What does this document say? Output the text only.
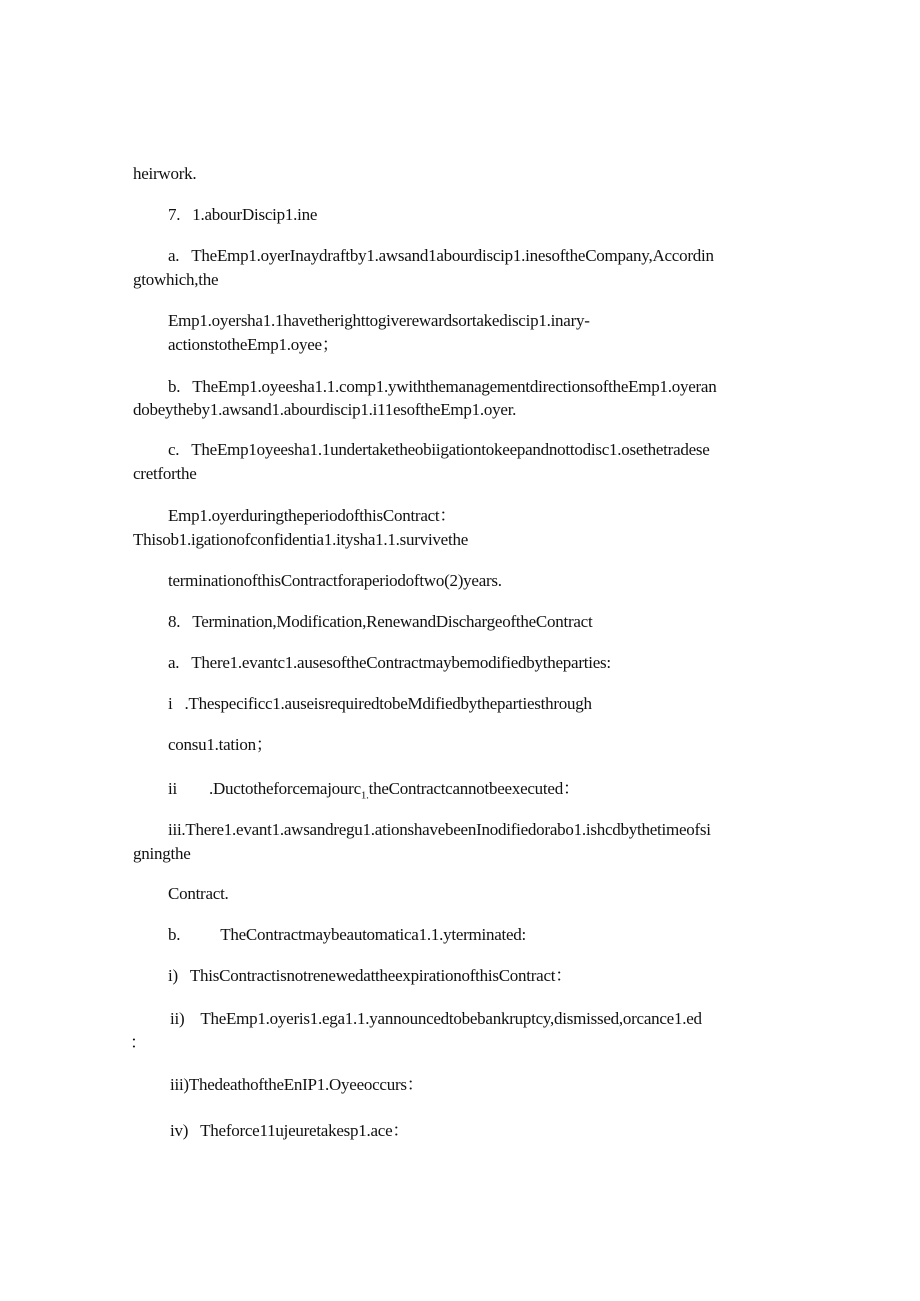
heirwork.

7.   1.abourDiscip1.ine

a.   TheEmp1.oyerInaydraftby1.awsand1abourdiscip1.inesoftheCompany,Accordin

gtowhich,the

Emp1.oyersha1.1havetherighttogiverewardsortakediscip1.inary-

actionstotheEmp1.oyee；

b.   TheEmp1.oyeesha1.1.comp1.ywiththemanagementdirectionsoftheEmp1.oyeran

dobeytheby1.awsand1.abourdiscip1.i11esoftheEmp1.oyer.

c.   TheEmp1oyeesha1.1undertaketheobiigationtokeepandnottodisc1.osethetradese

cretforthe

Emp1.oyerduringtheperiodofthisContract：

Thisob1.igationofconfidentia1.itysha1.1.survivethe

terminationofthisContractforaperiodoftwo(2)years.

8.   Termination,Modification,RenewandDischargeoftheContract

a.   There1.evantc1.ausesoftheContractmaybemodifiedbytheparties:

i   .Thespecificc1.auseisrequiredtobeMdifiedbythepartiesthrough

consu1.tation；

ii        .Ductotheforcemajourc$_{1.}$theContractcannotbeexecuted：

iii.There1.evant1.awsandregu1.ationshavebeenInodifiedorabo1.ishcdbythetimeofsi

gningthe

Contract.

b.          TheContractmaybeautomatica1.1.yterminated:

i)   ThisContractisnotrenewedattheexpirationofthisContract：

ii)    TheEmp1.oyeris1.ega1.1.yannouncedtobebankruptcy,dismissed,orcance1.ed

：

iii)ThedeathoftheEnIP1.Oyeeoccurs：

iv)   Theforce11ujeuretakesp1.ace：
